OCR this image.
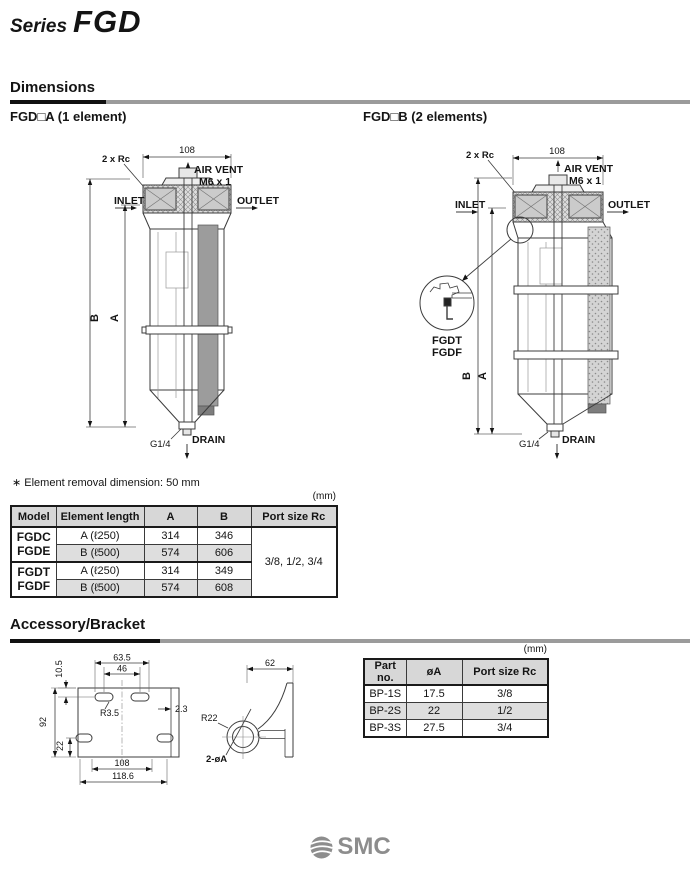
Series FGD
Dimensions
FGD□A (1 element)	FGD□B (2 elements)
108
2 x Rc
AIR VENT
M6 x 1
INLET	OUTLET
B A
G1/4 DRAIN
108
2 x Rc
AIR VENT
M6 x 1
INLET	OUTLET
FGDT
FGDF
B A
G1/4 DRAIN
∗ Element removal dimension: 50 mm
(mm)
Model	Element length	A	B	Port size Rc
FGDC
FGDE	A (ℓ250)	314	346	3/8, 1/2, 3/4
	B (ℓ500)	574	606	
FGDT
FGDF	A (ℓ250)	314	349	
	B (ℓ500)	574	608	
Accessory/Bracket
63.5
46
10.5
92
22
R3.5	2.3
108
118.6
62
R22
2-øA
(mm)
Part no.	øA	Port size Rc
BP-1S	17.5	3/8
BP-2S	22	1/2
BP-3S	27.5	3/4
SMC
